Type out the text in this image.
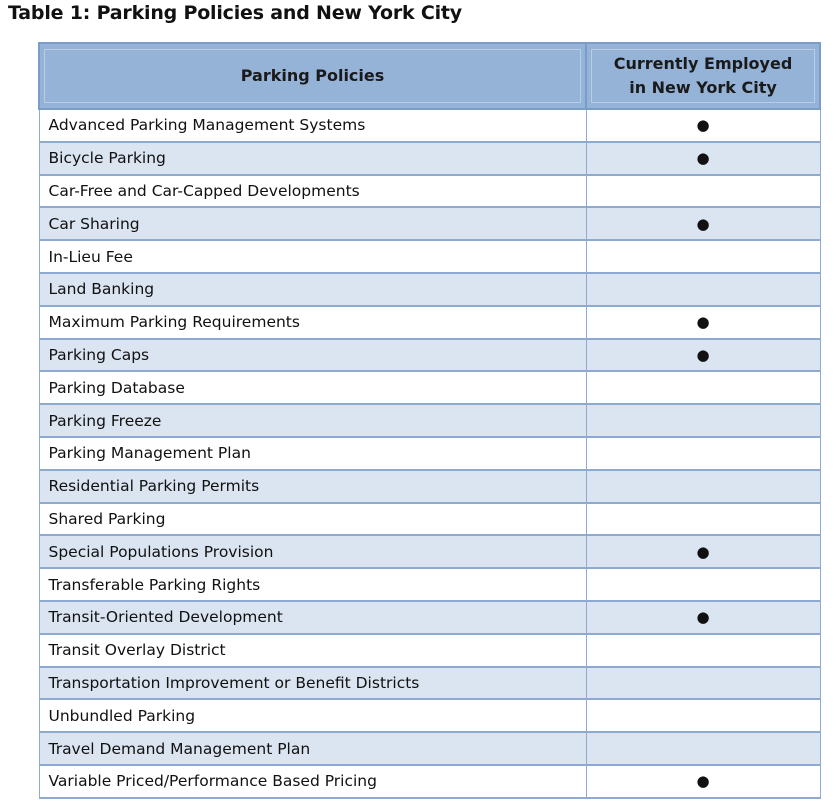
Table 1: Parking Policies and New York City
Parking Policies	Currently Employed in New York City

Advanced Parking Management Systems	●
Bicycle Parking	●
Car-Free and Car-Capped Developments	
Car Sharing	●
In-Lieu Fee	
Land Banking	
Maximum Parking Requirements	●
Parking Caps	●
Parking Database	
Parking Freeze	
Parking Management Plan	
Residential Parking Permits	
Shared Parking	
Special Populations Provision	●
Transferable Parking Rights	
Transit-Oriented Development	●
Transit Overlay District	
Transportation Improvement or Benefit Districts	
Unbundled Parking	
Travel Demand Management Plan	
Variable Priced/Performance Based Pricing	●
